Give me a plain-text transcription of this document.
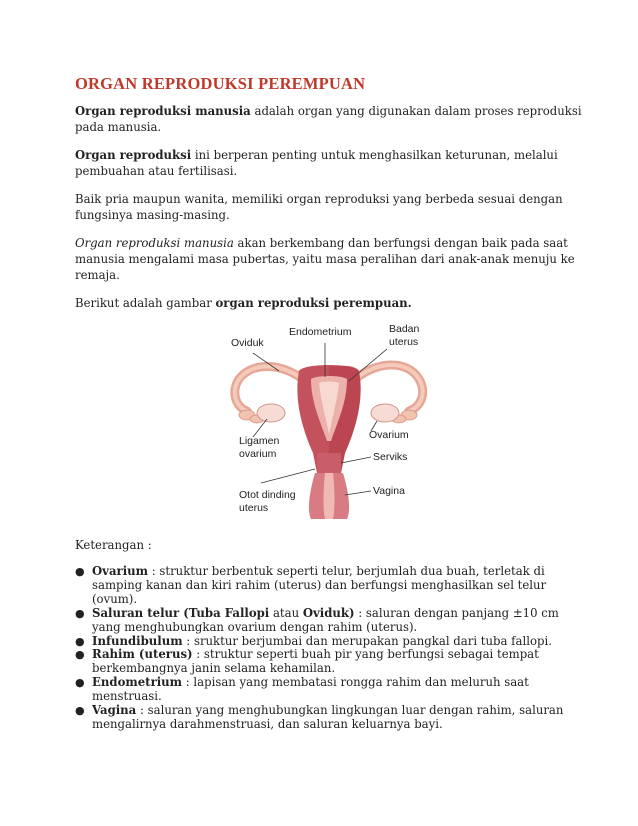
ORGAN REPRODUKSI PEREMPUAN

Organ reproduksi manusia adalah organ yang digunakan dalam proses reproduksi pada manusia.

Organ reproduksi ini berperan penting untuk menghasilkan keturunan, melalui pembuahan atau fertilisasi.

Baik pria maupun wanita, memiliki organ reproduksi yang berbeda sesuai dengan fungsinya masing-masing.

Organ reproduksi manusia akan berkembang dan berfungsi dengan baik pada saat manusia mengalami masa pubertas, yaitu masa peralihan dari anak-anak menuju ke remaja.

Berikut adalah gambar organ reproduksi perempuan.

Oviduk
Endometrium	Badan
uterus
Ligamen
ovarium
Ovarium
Serviks
Otot dinding
uterus
Vagina

Keterangan :

● Ovarium : struktur berbentuk seperti telur, berjumlah dua buah, terletak di samping kanan dan kiri rahim (uterus) dan berfungsi menghasilkan sel telur (ovum).
● Saluran telur (Tuba Fallopi atau Oviduk) : saluran dengan panjang ±10 cm yang menghubungkan ovarium dengan rahim (uterus).
● Infundibulum : sruktur berjumbai dan merupakan pangkal dari tuba fallopi.
● Rahim (uterus) : struktur seperti buah pir yang berfungsi sebagai tempat berkembangnya janin selama kehamilan.
● Endometrium : lapisan yang membatasi rongga rahim dan meluruh saat menstruasi.
● Vagina : saluran yang menghubungkan lingkungan luar dengan rahim, saluran mengalirnya darahmenstruasi, dan saluran keluarnya bayi.
